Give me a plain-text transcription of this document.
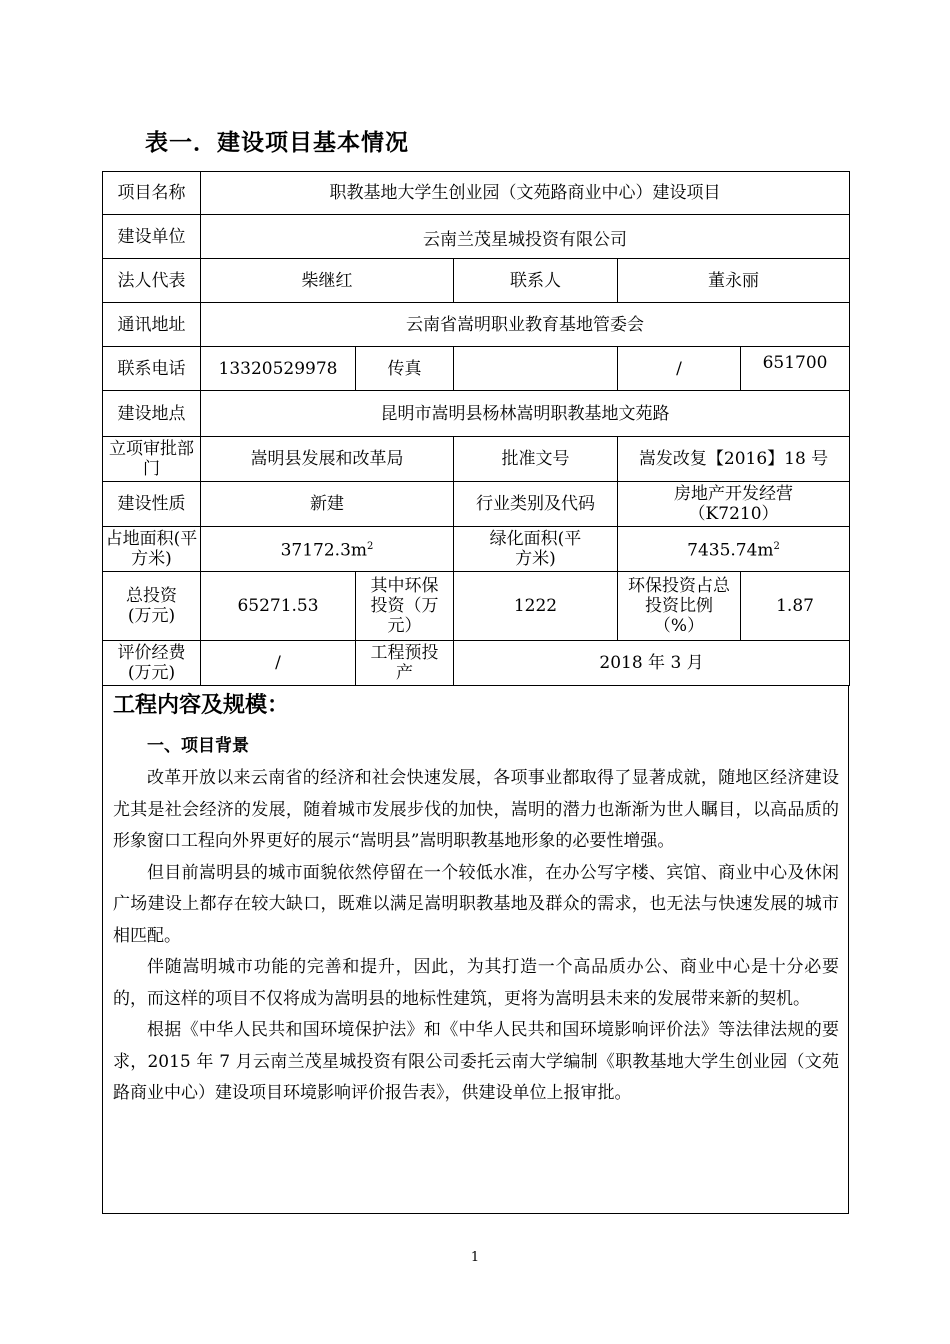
表一．建设项目基本情况
项目名称	职教基地大学生创业园（文苑路商业中心）建设项目				
建设单位	云南兰茂星城投资有限公司				
法人代表	柴继红		联系人	董永丽	
通讯地址	云南省嵩明职业教育基地管委会				
联系电话	13320529978	传真		/	651700
建设地点	昆明市嵩明县杨林嵩明职教基地文苑路				
立项审批部门	嵩明县发展和改革局		批准文号	嵩发改复【2016】18 号	
建设性质	新建		行业类别及代码	房地产开发经营（K7210）	
占地面积(平方米)	$37172.3m^2$		绿化面积(平方米)	$7435.74m^2$
总投资(万元)	65271.53	其中环保投资（万元）	1222	环保投资占总投资比例（%）	1.87
评价经费(万元)	/	工程预投产	2018 年 3 月		
工程内容及规模：
一、项目背景

改革开放以来云南省的经济和社会快速发展，各项事业都取得了显著成就，随地区经济建设尤其是社会经济的发展，随着城市发展步伐的加快，嵩明的潜力也渐渐为世人瞩目，以高品质的形象窗口工程向外界更好的展示“嵩明县”嵩明职教基地形象的必要性增强。

但目前嵩明县的城市面貌依然停留在一个较低水准，在办公写字楼、宾馆、商业中心及休闲广场建设上都存在较大缺口，既难以满足嵩明职教基地及群众的需求，也无法与快速发展的城市相匹配。

伴随嵩明城市功能的完善和提升，因此，为其打造一个高品质办公、商业中心是十分必要的，而这样的项目不仅将成为嵩明县的地标性建筑，更将为嵩明县未来的发展带来新的契机。

根据《中华人民共和国环境保护法》和《中华人民共和国环境影响评价法》等法律法规的要求，2015 年 7 月云南兰茂星城投资有限公司委托云南大学编制《职教基地大学生创业园（文苑路商业中心）建设项目环境影响评价报告表》，供建设单位上报审批。

1
